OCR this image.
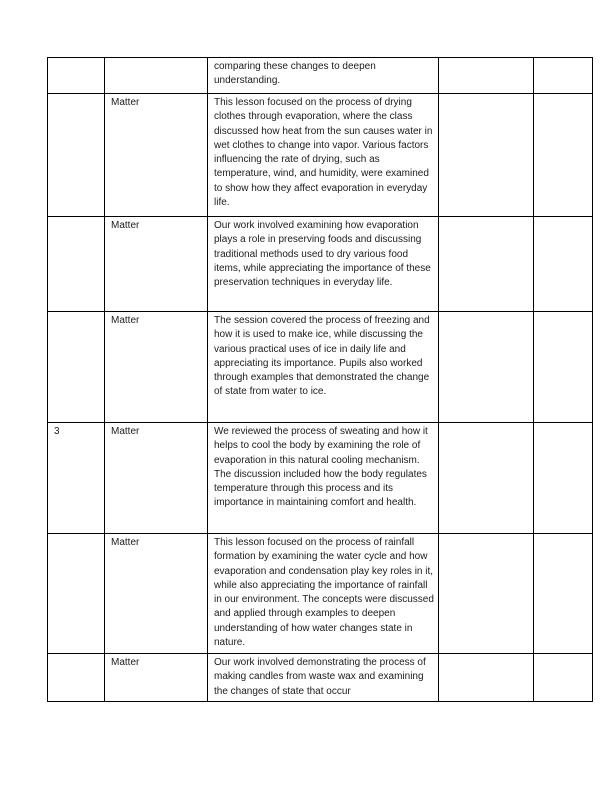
		comparing these changes to deepen understanding.		
	Matter	This lesson focused on the process of drying clothes through evaporation, where the class discussed how heat from the sun causes water in wet clothes to change into vapor. Various factors influencing the rate of drying, such as temperature, wind, and humidity, were examined to show how they affect evaporation in everyday life.		
	Matter	Our work involved examining how evaporation plays a role in preserving foods and discussing traditional methods used to dry various food items, while appreciating the importance of these preservation techniques in everyday life.		
	Matter	The session covered the process of freezing and how it is used to make ice, while discussing the various practical uses of ice in daily life and appreciating its importance. Pupils also worked through examples that demonstrated the change of state from water to ice.		
3	Matter	We reviewed the process of sweating and how it helps to cool the body by examining the role of evaporation in this natural cooling mechanism. The discussion included how the body regulates temperature through this process and its importance in maintaining comfort and health.		
	Matter	This lesson focused on the process of rainfall formation by examining the water cycle and how evaporation and condensation play key roles in it, while also appreciating the importance of rainfall in our environment. The concepts were discussed and applied through examples to deepen understanding of how water changes state in nature.		
	Matter	Our work involved demonstrating the process of making candles from waste wax and examining the changes of state that occur		
